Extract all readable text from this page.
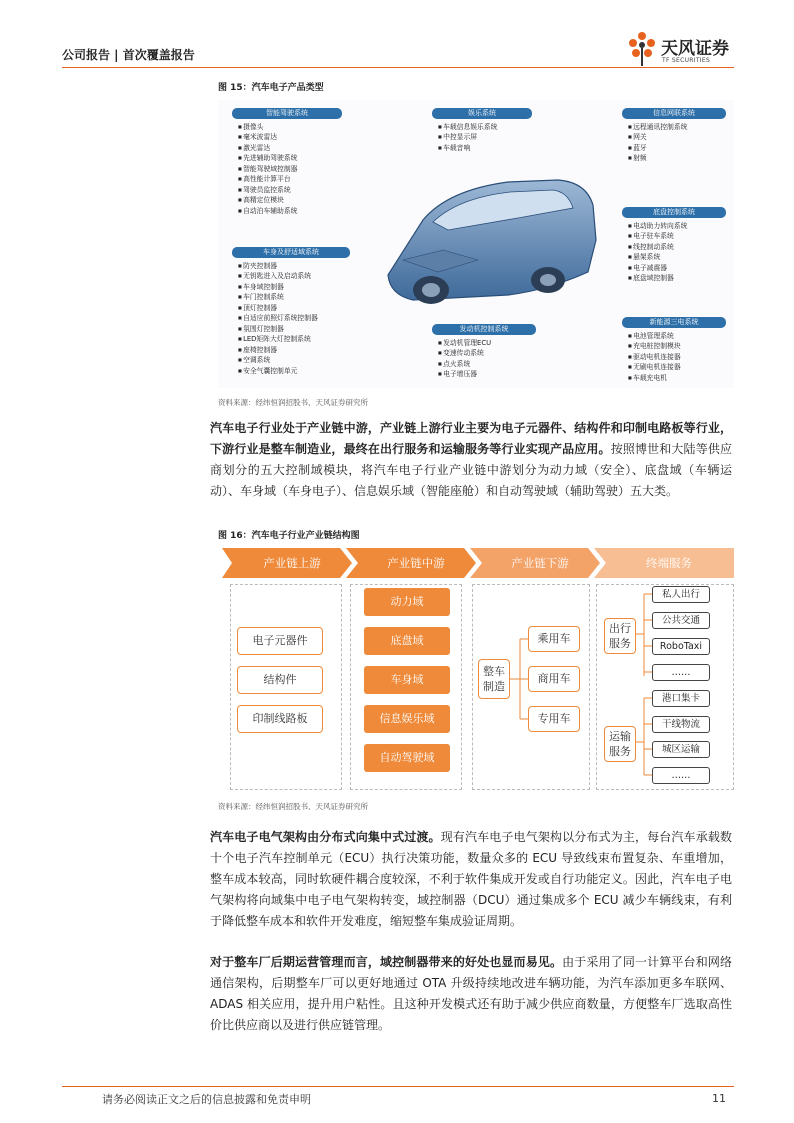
公司报告 | 首次覆盖报告	天风证券
TF SECURITIES
图 15：汽车电子产品类型
智能驾驶系统
■ 摄像头
■ 毫米波雷达
■ 激光雷达
■ 先进辅助驾驶系统
■ 智能驾驶域控制器
■ 高性能计算平台
■ 驾驶员监控系统
■ 高精定位模块
■ 自动泊车辅助系统
娱乐系统
■ 车载信息娱乐系统
■ 中控显示屏
■ 车载音响
信息网联系统
■ 远程通讯控制系统
■ 网关
■ 蓝牙
■ 射频
底盘控制系统
■ 电动助力转向系统
■ 电子驻车系统
■ 线控制动系统
■ 悬架系统
■ 电子减震器
■ 底盘域控制器
车身及舒适域系统
■ 防夹控制器
■ 无钥匙进入及启动系统
■ 车身域控制器
■ 车门控制系统
■ 顶灯控制器
■ 自适应前照灯系统控制器
■ 氛围灯控制器
■ LED矩阵大灯控制系统
■ 座椅控制器
■ 空调系统
■ 安全气囊控制单元
发动机控制系统
■ 发动机管理ECU
■ 变速传动系统
■ 点火系统
■ 电子增压器
新能源三电系统
■ 电池管理系统
■ 充电桩控制模块
■ 驱动电机连接器
■ 无刷电机连接器
■ 车载充电机
资料来源：经纬恒润招股书、天风证券研究所
汽车电子行业处于产业链中游，产业链上游行业主要为电子元器件、结构件和印制电路板等行业，下游行业是整车制造业，最终在出行服务和运输服务等行业实现产品应用。按照博世和大陆等供应商划分的五大控制域模块，将汽车电子行业产业链中游划分为动力域（安全）、底盘域（车辆运动）、车身域（车身电子）、信息娱乐域（智能座舱）和自动驾驶域（辅助驾驶）五大类。
图 16：汽车电子行业产业链结构图
产业链上游	产业链中游	产业链下游	终端服务
电子元器件
结构件
印制线路板
动力域
底盘域
车身域
信息娱乐域
自动驾驶域
整车制造
乘用车
商用车
专用车
出行服务
私人出行
公共交通
RoboTaxi
……
运输服务
港口集卡
干线物流
城区运输
……
资料来源：经纬恒润招股书、天风证券研究所
汽车电子电气架构由分布式向集中式过渡。现有汽车电子电气架构以分布式为主，每台汽车承载数十个电子汽车控制单元（ECU）执行决策功能，数量众多的 ECU 导致线束布置复杂、车重增加，整车成本较高，同时软硬件耦合度较深，不利于软件集成开发或自行功能定义。因此，汽车电子电气架构将向域集中电子电气架构转变，域控制器（DCU）通过集成多个 ECU 减少车辆线束，有利于降低整车成本和软件开发难度，缩短整车集成验证周期。
对于整车厂后期运营管理而言，域控制器带来的好处也显而易见。由于采用了同一计算平台和网络通信架构，后期整车厂可以更好地通过 OTA 升级持续地改进车辆功能，为汽车添加更多车联网、ADAS 相关应用，提升用户粘性。且这种开发模式还有助于减少供应商数量，方便整车厂选取高性价比供应商以及进行供应链管理。
请务必阅读正文之后的信息披露和免责申明	11
